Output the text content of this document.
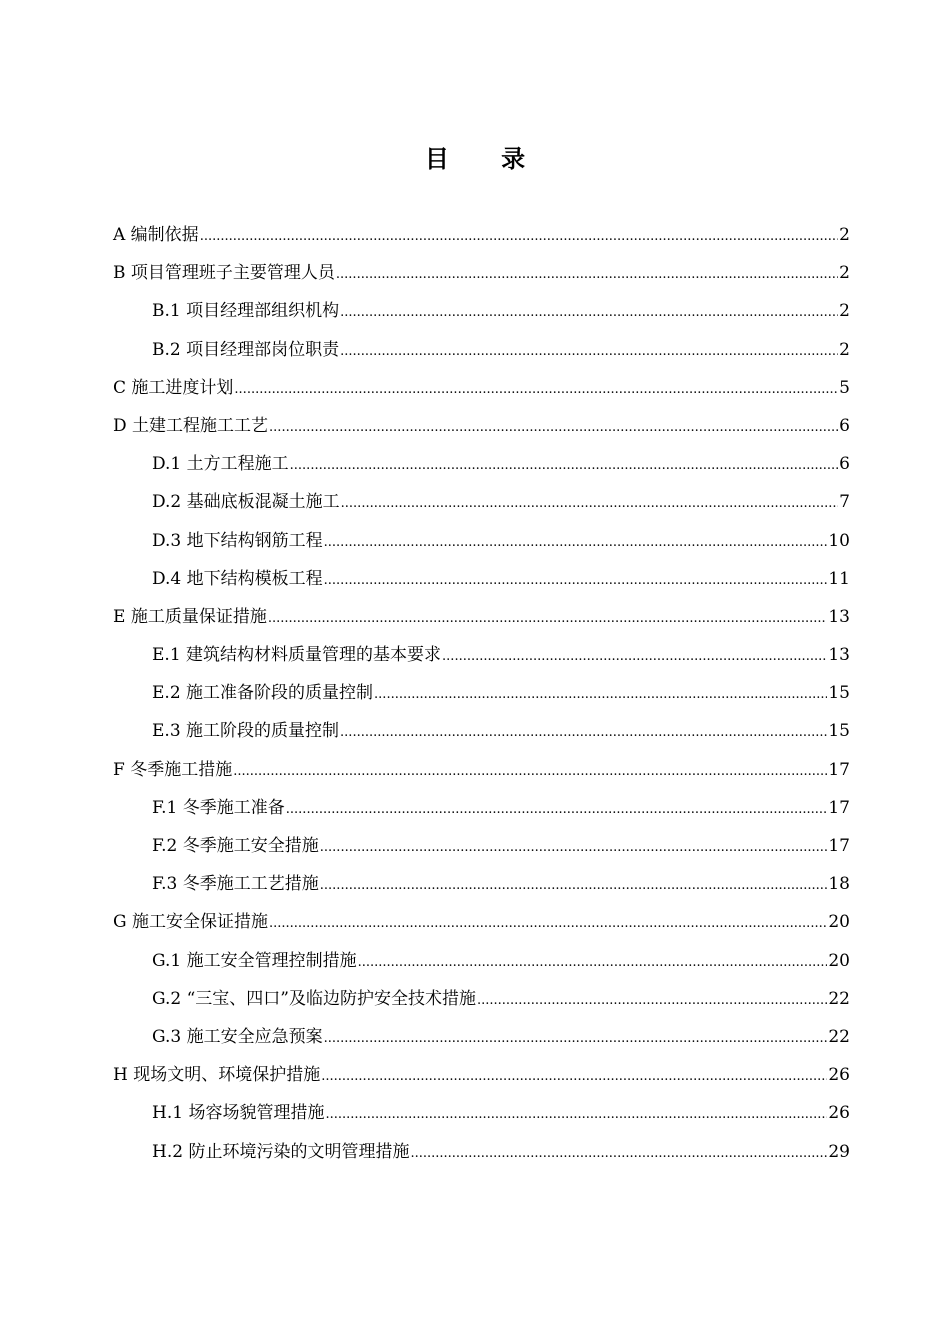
目 录
A 编制依据 .....	2
B 项目管理班子主要管理人员 .....	2
B.1 项目经理部组织机构 .....	2
B.2 项目经理部岗位职责 .....	2
C 施工进度计划 .....	5
D 土建工程施工工艺 .....	6
D.1 土方工程施工 .....	6
D.2 基础底板混凝土施工 .....	7
D.3 地下结构钢筋工程 .....	10
D.4 地下结构模板工程 .....	11
E 施工质量保证措施 .....	13
E.1 建筑结构材料质量管理的基本要求 .....	13
E.2 施工准备阶段的质量控制 .....	15
E.3 施工阶段的质量控制 .....	15
F 冬季施工措施 .....	17
F.1 冬季施工准备 .....	17
F.2 冬季施工安全措施 .....	17
F.3 冬季施工工艺措施 .....	18
G 施工安全保证措施 .....	20
G.1 施工安全管理控制措施 .....	20
G.2 “三宝、四口”及临边防护安全技术措施 .....	22
G.3 施工安全应急预案 .....	22
H 现场文明、环境保护措施 .....	26
H.1 场容场貌管理措施 .....	26
H.2 防止环境污染的文明管理措施 .....	29
